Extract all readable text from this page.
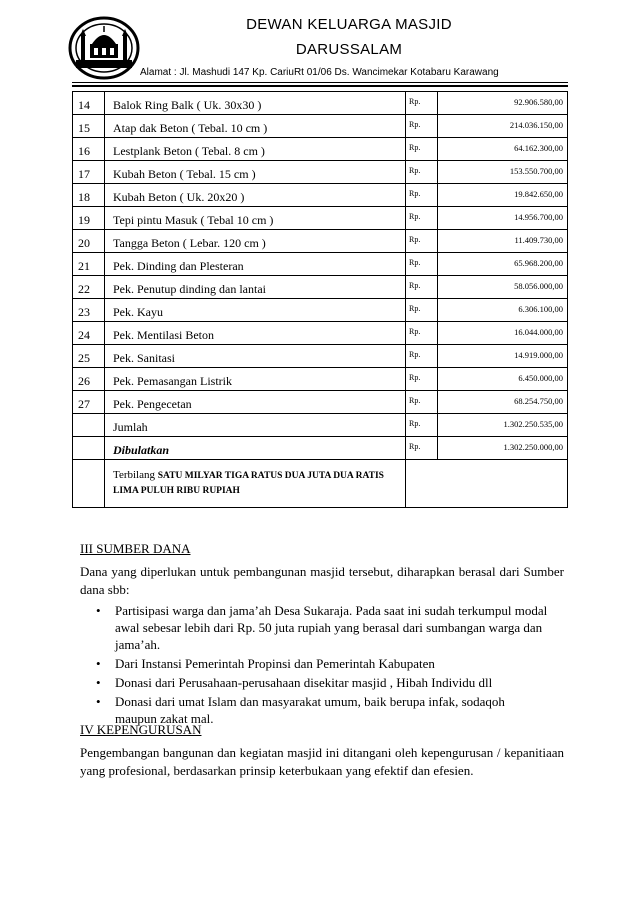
DEWAN KELUARGA MASJID
DARUSSALAM
Alamat : Jl. Mashudi 147 Kp. CariuRt 01/06 Ds. Wancimekar Kotabaru Karawang
14	Balok Ring Balk ( Uk. 30x30 )	Rp.	92.906.580,00
15	Atap dak Beton ( Tebal. 10 cm )	Rp.	214.036.150,00
16	Lestplank Beton ( Tebal. 8 cm )	Rp.	64.162.300,00
17	Kubah Beton ( Tebal. 15 cm )	Rp.	153.550.700,00
18	Kubah Beton ( Uk. 20x20 )	Rp.	19.842.650,00
19	Tepi pintu Masuk ( Tebal 10 cm )	Rp.	14.956.700,00
20	Tangga Beton ( Lebar. 120 cm )	Rp.	11.409.730,00
21	Pek. Dinding dan Plesteran	Rp.	65.968.200,00
22	Pek. Penutup dinding dan lantai	Rp.	58.056.000,00
23	Pek. Kayu	Rp.	6.306.100,00
24	Pek. Mentilasi Beton	Rp.	16.044.000,00
25	Pek. Sanitasi	Rp.	14.919.000,00
26	Pek. Pemasangan Listrik	Rp.	6.450.000,00
27	Pek. Pengecetan	Rp.	68.254.750,00
	Jumlah	Rp.	1.302.250.535,00
	Dibulatkan	Rp.	1.302.250.000,00

	Terbilang SATU MILYAR TIGA RATUS DUA JUTA DUA RATIS LIMA PULUH RIBU RUPIAH		

III SUMBER DANA
Dana yang diperlukan untuk pembangunan masjid tersebut, diharapkan berasal dari Sumber dana sbb:
• Partisipasi warga dan jama’ah Desa Sukaraja. Pada saat ini sudah terkumpul modal awal sebesar lebih dari Rp. 50 juta rupiah yang berasal dari sumbangan warga dan jama’ah.
• Dari Instansi Pemerintah Propinsi dan Pemerintah Kabupaten
• Donasi dari Perusahaan-perusahaan disekitar masjid , Hibah Individu dll
• Donasi dari umat Islam dan masyarakat umum, baik berupa infak, sodaqoh maupun zakat mal.
IV KEPENGURUSAN
Pengembangan bangunan dan kegiatan masjid ini ditangani oleh kepengurusan / kepanitiaan yang profesional, berdasarkan prinsip keterbukaan yang efektif dan efesien.
